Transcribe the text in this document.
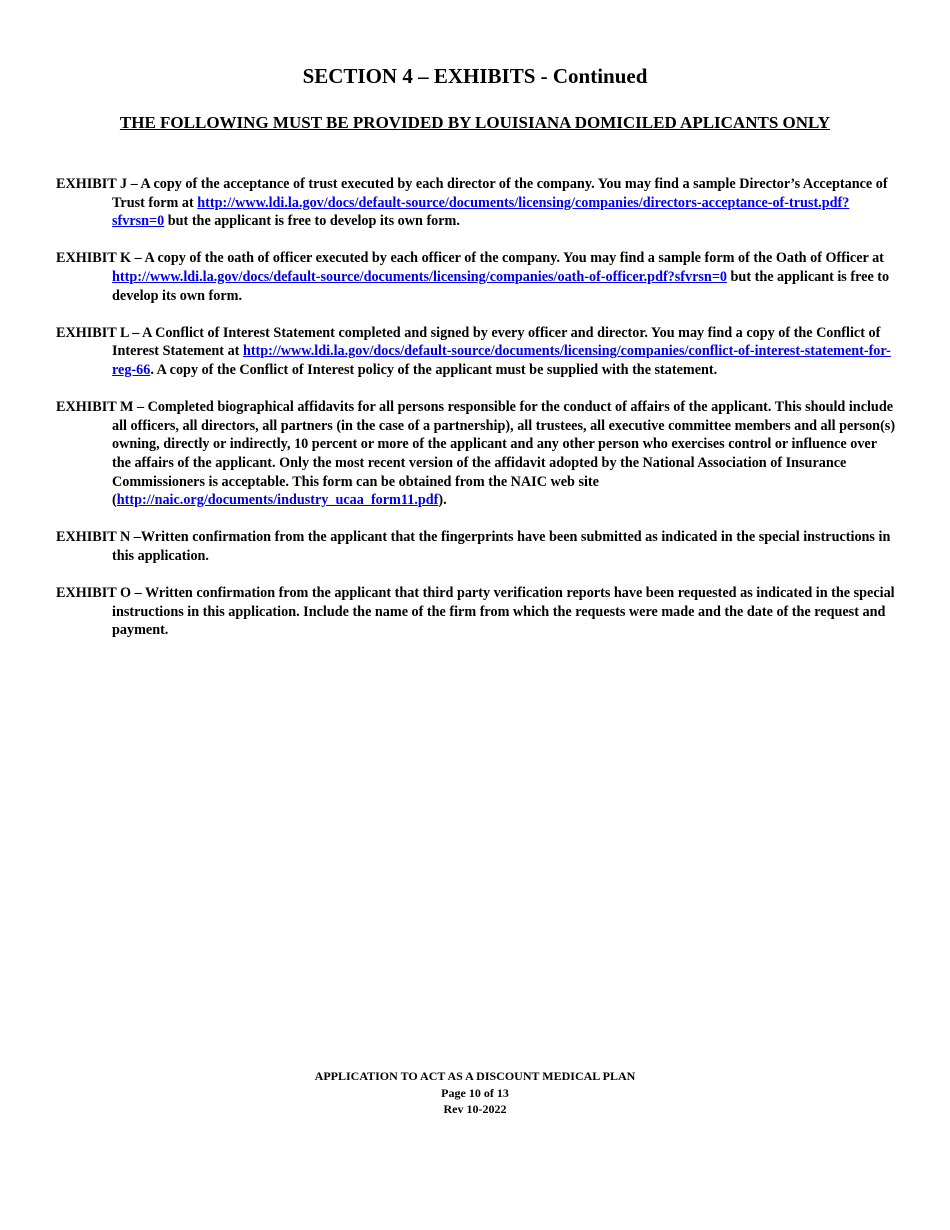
SECTION 4 – EXHIBITS - Continued
THE FOLLOWING MUST BE PROVIDED BY LOUISIANA DOMICILED APLICANTS ONLY

EXHIBIT J – A copy of the acceptance of trust executed by each director of the company. You may find a sample Director’s Acceptance of Trust form at http://www.ldi.la.gov/docs/default-source/documents/licensing/companies/directors-acceptance-of-trust.pdf?sfvrsn=0 but the applicant is free to develop its own form.

EXHIBIT K – A copy of the oath of officer executed by each officer of the company. You may find a sample form of the Oath of Officer at http://www.ldi.la.gov/docs/default-source/documents/licensing/companies/oath-of-officer.pdf?sfvrsn=0 but the applicant is free to develop its own form.

EXHIBIT L – A Conflict of Interest Statement completed and signed by every officer and director. You may find a copy of the Conflict of Interest Statement at http://www.ldi.la.gov/docs/default-source/documents/licensing/companies/conflict-of-interest-statement-for-reg-66. A copy of the Conflict of Interest policy of the applicant must be supplied with the statement.

EXHIBIT M – Completed biographical affidavits for all persons responsible for the conduct of affairs of the applicant. This should include all officers, all directors, all partners (in the case of a partnership), all trustees, all executive committee members and all person(s) owning, directly or indirectly, 10 percent or more of the applicant and any other person who exercises control or influence over the affairs of the applicant. Only the most recent version of the affidavit adopted by the National Association of Insurance Commissioners is acceptable. This form can be obtained from the NAIC web site (http://naic.org/documents/industry_ucaa_form11.pdf).

EXHIBIT N –Written confirmation from the applicant that the fingerprints have been submitted as indicated in the special instructions in this application.

EXHIBIT O – Written confirmation from the applicant that third party verification reports have been requested as indicated in the special instructions in this application. Include the name of the firm from which the requests were made and the date of the request and payment.

APPLICATION TO ACT AS A DISCOUNT MEDICAL PLAN
Page 10 of 13
Rev 10-2022
